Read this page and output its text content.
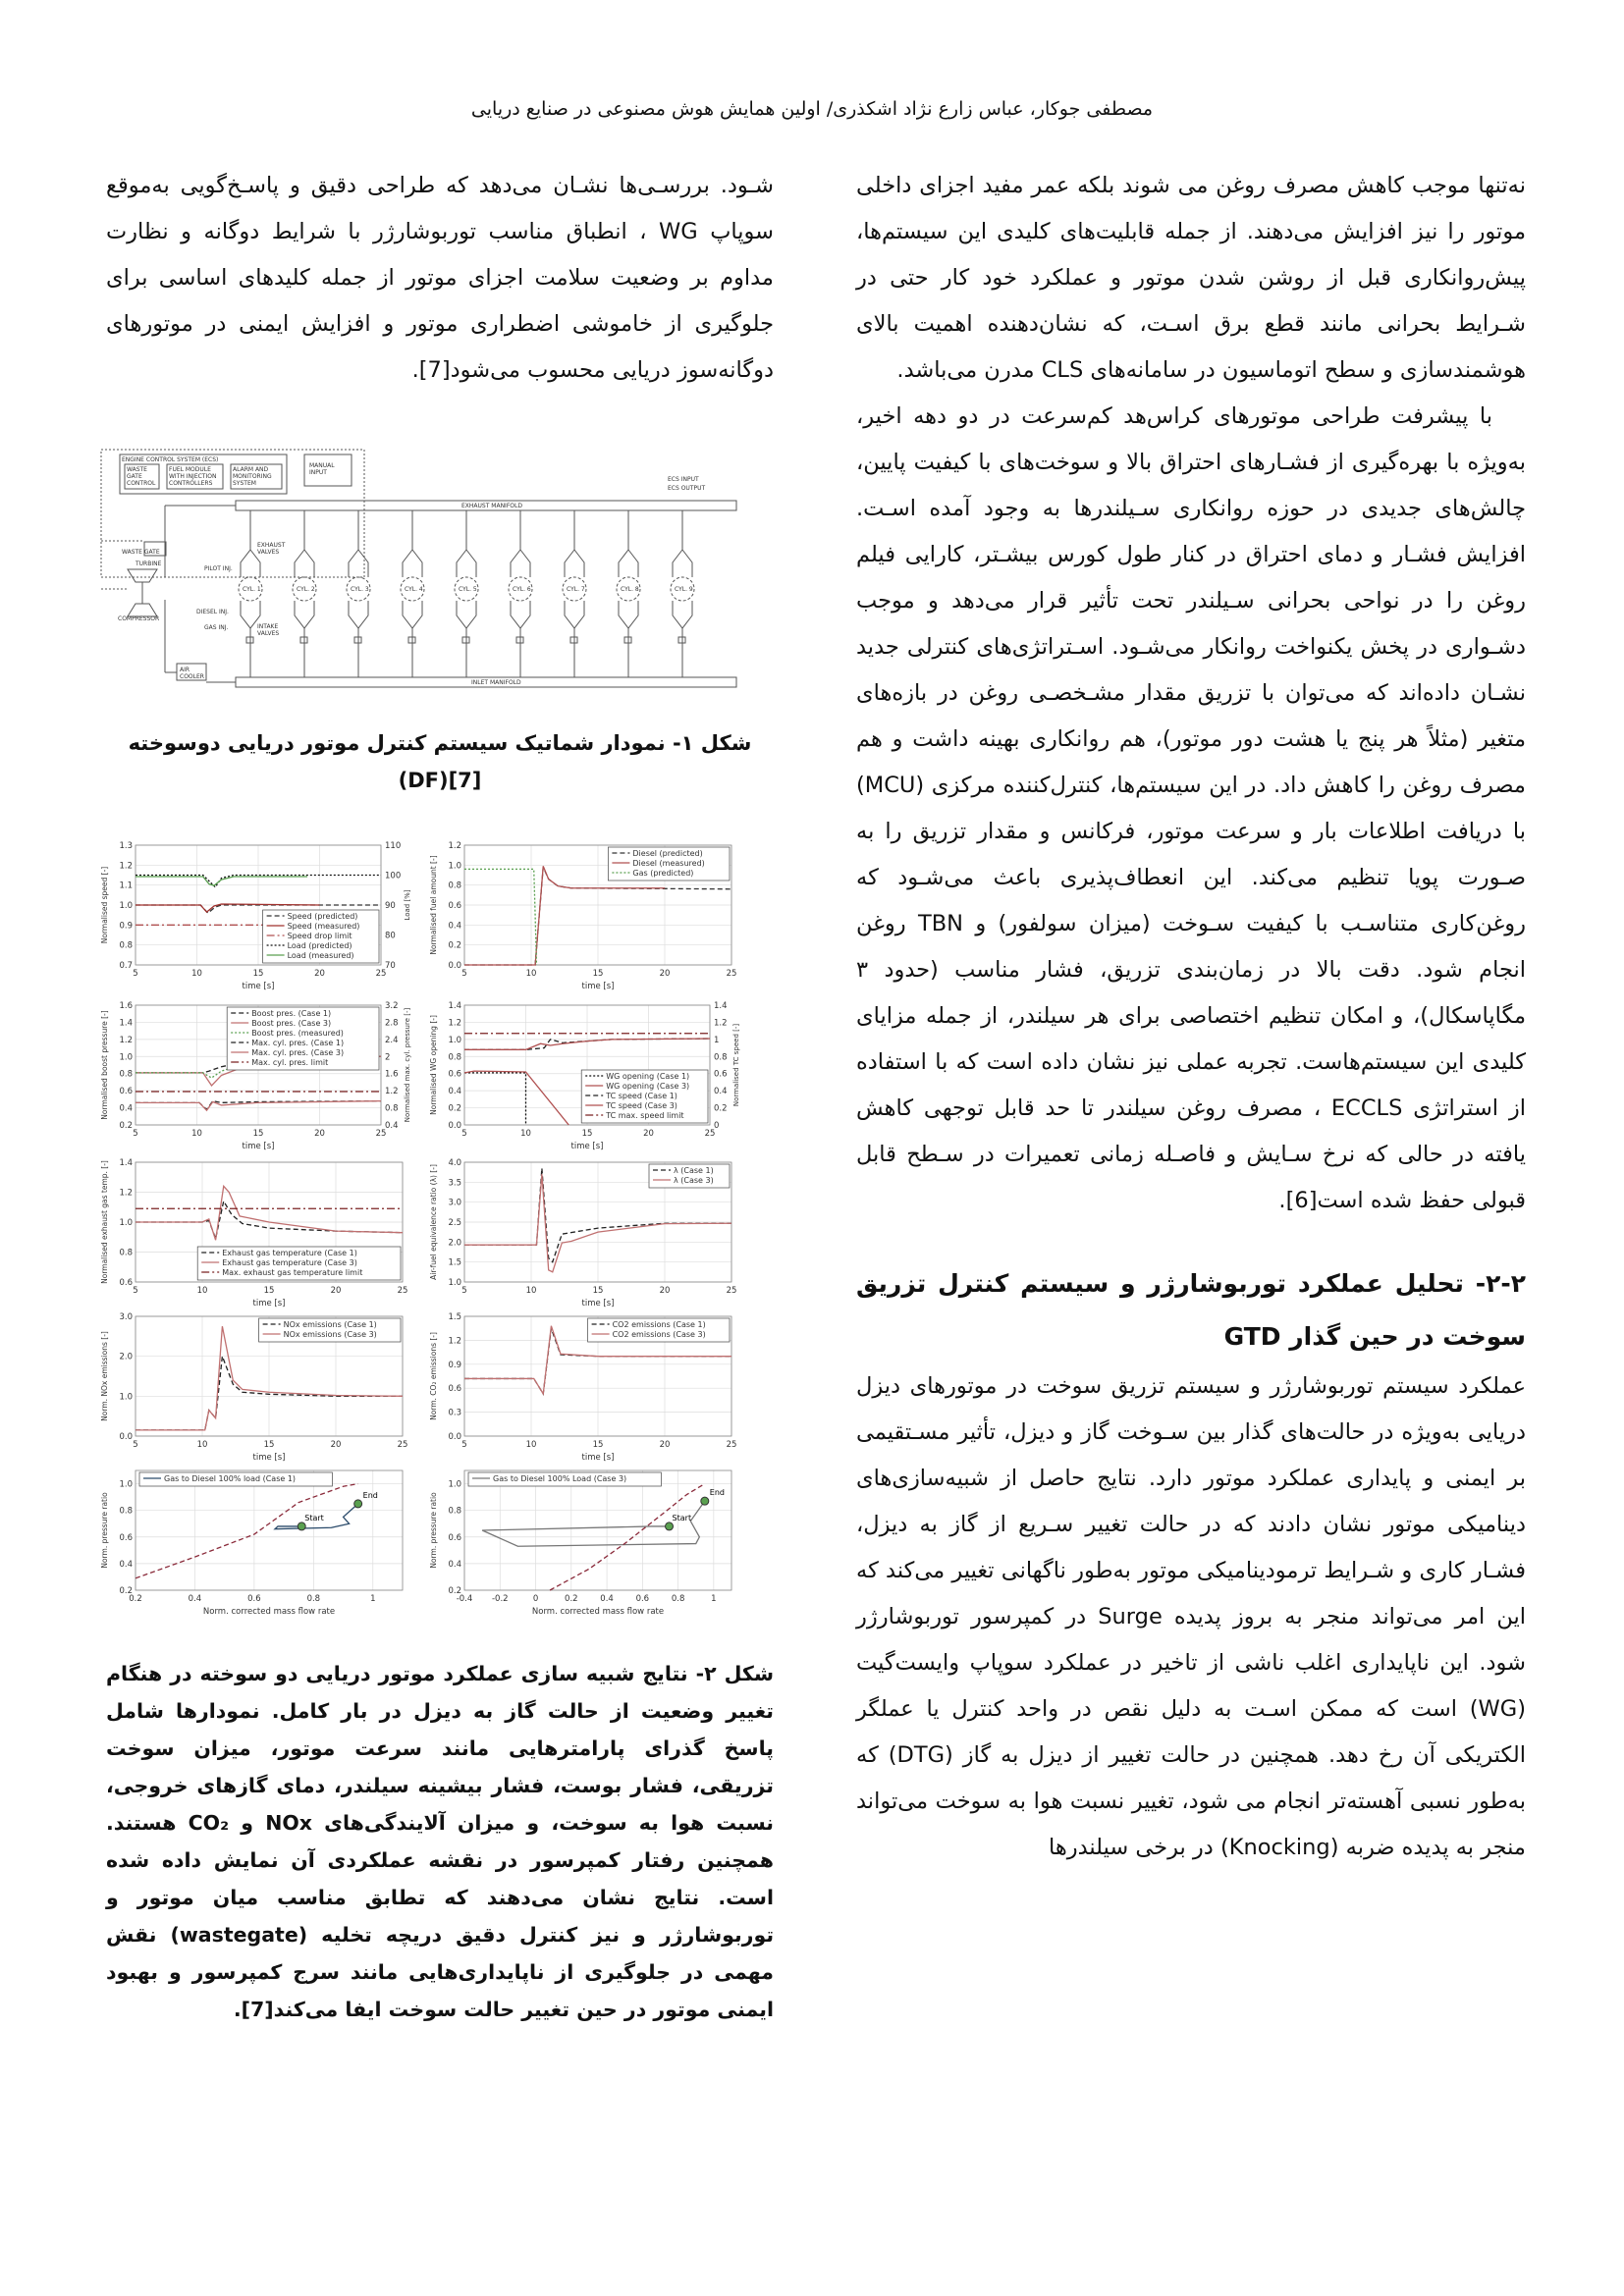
مصطفی جوکار، عباس زارع نژاد اشکذری/ اولین همایش هوش مصنوعی در صنایع دریایی

نه‌تنها موجب کاهش مصرف روغن می شوند بلکه عمر مفید اجزای داخلی موتور را نیز افزایش می‌دهند. از جمله قابلیت‌های کلیدی این سیستم‌ها، پیش‌روانکاری قبل از روشن شدن موتور و عملکرد خود کار حتی در شـرایط بحرانی مانند قطع برق اسـت، که نشان‌دهنده اهمیت بالای هوشمندسازی و سطح اتوماسیون در سامانه‌های CLS مدرن می‌باشد.

با پیشرفت طراحی موتورهای کراس‌هد کم‌سرعت در دو دهه اخیر، به‌ویژه با بهره‌گیری از فشـارهای احتراق بالا و سوخت‌های با کیفیت پایین، چالش‌های جدیدی در حوزه روانکاری سـیلندرها به وجود آمده اسـت. افزایش فشـار و دمای احتراق در کنار طول کورس بیشـتر، کارایی فیلم روغن را در نواحی بحرانی سـیلندر تحت تأثیر قرار می‌دهد و موجب دشـواری در پخش یکنواخت روانکار می‌شـود. اسـتراتژی‌های کنترلی جدید نشـان داده‌اند که می‌توان با تزریق مقدار مشـخصـی روغن در بازه‌های متغیر (مثلاً هر پنج یا هشت دور موتور)، هم روانکاری بهینه داشت و هم مصرف روغن را کاهش داد. در این سیستم‌ها، کنترل‌کننده مرکزی (MCU) با دریافت اطلاعات بار و سرعت موتور، فرکانس و مقدار تزریق را به صـورت پویا تنظیم می‌کند. این انعطاف‌پذیری باعث می‌شـود که روغن‌کاری متناسـب با کیفیت سـوخت (میزان سولفور) و TBN روغن انجام شود. دقت بالا در زمان‌بندی تزریق، فشار مناسب (حدود ۳ مگاپاسکال)، و امکان تنظیم اختصاصی برای هر سیلندر، از جمله مزایای کلیدی این سیستم‌هاست. تجربه عملی نیز نشان داده است که با استفاده از استراتژی ECCLS ، مصرف روغن سیلندر تا حد قابل توجهی کاهش یافته در حالی که نرخ سـایش و فاصـله زمانی تعمیرات در سـطح قابل قبولی حفظ شده است[6].

۲-۲- تحلیل عملکرد توربوشارژر و سیستم کنترل تزریق سوخت در حین گذار GTD

عملکرد سیستم توربوشارژر و سیستم تزریق سوخت در موتورهای دیزل دریایی به‌ویژه در حالت‌های گذار بین سـوخت گاز و دیزل، تأثیر مسـتقیمی بر ایمنی و پایداری عملکرد موتور دارد. نتایج حاصل از شبیه‌سازی‌های دینامیکی موتور نشان دادند که در حالت تغییر سـریع از گاز به دیزل، فشـار کاری و شـرایط ترمودینامیکی موتور به‌طور ناگهانی تغییر می‌کند که این امر می‌تواند منجر به بروز پدیده Surge در کمپرسور توربوشارژر شود. این ناپایداری اغلب ناشی از تاخیر در عملکرد سوپاپ وایست‌گیت (WG) است که ممکن اسـت به دلیل نقص در واحد کنترل یا عملگر الکتریکی آن رخ دهد. همچنین در حالت تغییر از دیزل به گاز (DTG) که به‌طور نسبی آهسته‌تر انجام می شود، تغییر نسبت هوا به سوخت می‌تواند منجر به پدیده ضربه (Knocking) در برخی سیلندرها

شـود. بررسـی‌ها نشـان می‌دهد که طراحی دقیق و پاسـخ‌گویی به‌موقع سوپاپ WG ، انطباق مناسب توربوشارژر با شرایط دوگانه و نظارت مداوم بر وضعیت سلامت اجزای موتور از جمله کلیدهای اساسی برای جلوگیری از خاموشی اضطراری موتور و افزایش ایمنی در موتورهای دوگانه‌سوز دریایی محسوب می‌شود[7].

ENGINE CONTROL SYSTEM (ECS)
WASTE
GATE
CONTROL
FUEL MODULE
WITH INJECTION
CONTROLLERS
ALARM AND
MONITORING
SYSTEM
MANUAL
INPUT
ECS INPUT
ECS OUTPUT
EXHAUST MANIFOLD
INLET MANIFOLD
WASTE GATE
TURBINE
COMPRESSOR
AIR
COOLER
EXHAUST
VALVES
INTAKE
VALVES
PILOT INJ.
DIESEL INJ.
GAS INJ.
CYL. 1	CYL. 2	CYL. 3	CYL. 4	CYL. 5	CYL. 6	CYL. 7	CYL. 8	CYL. 9
شکل ۱- نمودار شماتیک سیستم کنترل موتور دریایی دوسوخته
[7](DF)
5	10	15	20	25
0.7
0.8
0.9
1.0
1.1
1.2
1.3
70
80
90
100
110
time [s]
Normalised speed [-]	Load [%]
Speed (predicted)
Speed (measured)
Speed drop limit
Load (predicted)
Load (measured)
5	10	15	20	25
0.0
0.2
0.4
0.6
0.8
1.0
1.2
time [s]
Normalised fuel amount [-]
Diesel (predicted)
Diesel (measured)
Gas (predicted)
5	10	15	20	25
0.2
0.4
0.6
0.8
1.0
1.2
1.4
1.6
0.4
0.8
1.2
1.6
2
2.4
2.8
3.2
time [s]
Normalised boost pressure [-]	Normalised max. cyl. pressure [-]
Boost pres. (Case 1)
Boost pres. (Case 3)
Boost pres. (measured)
Max. cyl. pres. (Case 1)
Max. cyl. pres. (Case 3)
Max. cyl. pres. limit
5	10	15	20	25
0.0
0.2
0.4
0.6
0.8
1.0
1.2
1.4
0
0.2
0.4
0.6
0.8
1
1.2
1.4
time [s]
Normalised WG opening [-]	Normalised TC speed [-]
WG opening (Case 1)
WG opening (Case 3)
TC speed (Case 1)
TC speed (Case 3)
TC max. speed limit
5	10	15	20	25
0.6
0.8
1.0
1.2
1.4
time [s]
Normalised exhaust gas temp. [-]	Exhaust gas temperature (Case 1)
Exhaust gas temperature (Case 3)
Max. exhaust gas temperature limit
5	10	15	20	25
1.0
1.5
2.0
2.5
3.0
3.5
4.0
time [s]
Air-fuel equivalence ratio (λ) [-]	λ (Case 1)
λ (Case 3)
5	10	15	20	25
0.0
1.0
2.0
3.0
time [s]
Norm. NOx emissions [-]
NOx emissions (Case 1)
NOx emissions (Case 3)
5	10	15	20	25
0.0
0.3
0.6
0.9
1.2
1.5
time [s]
Norm. CO₂ emissions [-]
CO2 emissions (Case 1)
CO2 emissions (Case 3)
0.2	0.4	0.6	0.8	1
0.2
0.4
0.6
0.8
1.0
Norm. corrected mass flow rate
Norm. pressure ratio
Gas to Diesel 100% load (Case 1)
Start
End
-0.4 -0.2	0	0.2	0.4	0.6	0.8	1
0.2
0.4
0.6
0.8
1.0
Norm. corrected mass flow rate
Norm. pressure ratio
Gas to Diesel 100% Load (Case 3)
Start
End
شکل ۲- نتایج شبیه سازی عملکرد موتور دریایی دو سوخته در هنگام تغییر وضعیت از حالت گاز به دیزل در بار کامل. نمودارها شامل پاسخ گذرای پارامترهایی مانند سرعت موتور، میزان سوخت تزریقی، فشار بوست، فشار بیشینه سیلندر، دمای گازهای خروجی، نسبت هوا به سوخت، و میزان آلایندگی‌های NOx و CO₂ هستند. همچنین رفتار کمپرسور در نقشه عملکردی آن نمایش داده شده است. نتایج نشان می‌دهند که تطابق مناسب میان موتور و توربوشارژر و نیز کنترل دقیق دریچه تخلیه (wastegate) نقش مهمی در جلوگیری از ناپایداری‌هایی مانند سرج کمپرسور و بهبود ایمنی موتور در حین تغییر حالت سوخت ایفا می‌کند[7].
